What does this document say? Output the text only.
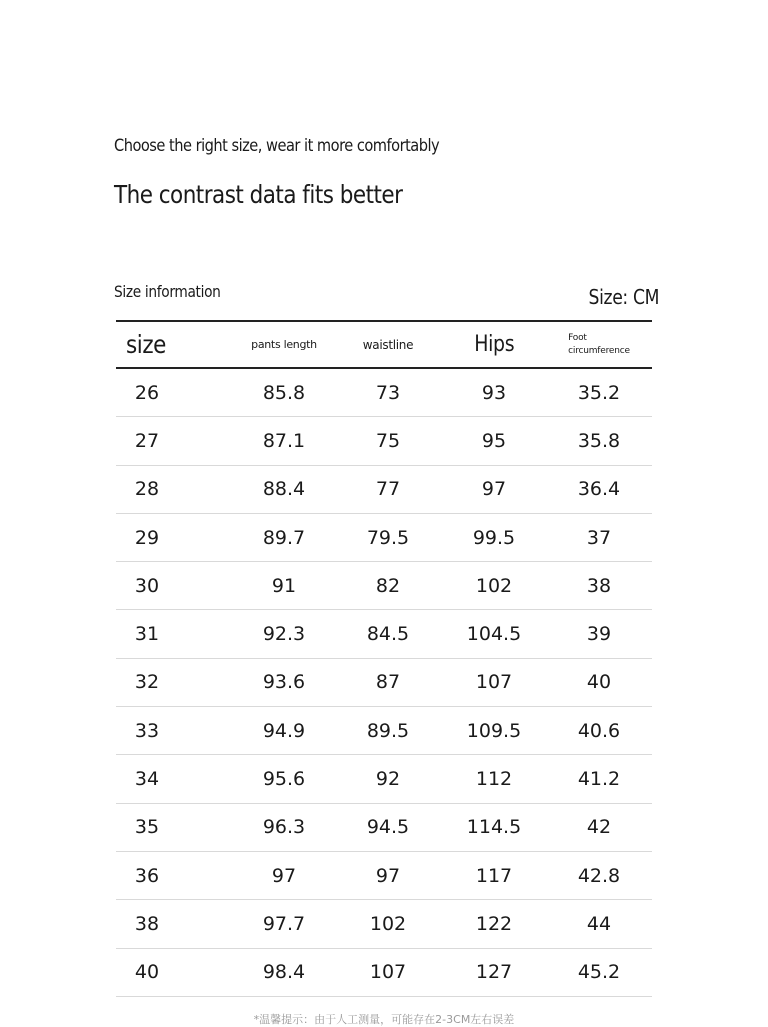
Choose the right size, wear it more comfortably
The contrast data fits better
Size information	Size: CM
size	pants length	waistline	Hips	Foot
circumference
26	85.8	73	93	35.2
27	87.1	75	95	35.8
28	88.4	77	97	36.4
29	89.7	79.5	99.5	37
30	91	82	102	38
31	92.3	84.5	104.5	39
32	93.6	87	107	40
33	94.9	89.5	109.5	40.6
34	95.6	92	112	41.2
35	96.3	94.5	114.5	42
36	97	97	117	42.8
38	97.7	102	122	44
40	98.4	107	127	45.2
*温馨提示：由于人工测量，可能存在2-3CM左右误差
